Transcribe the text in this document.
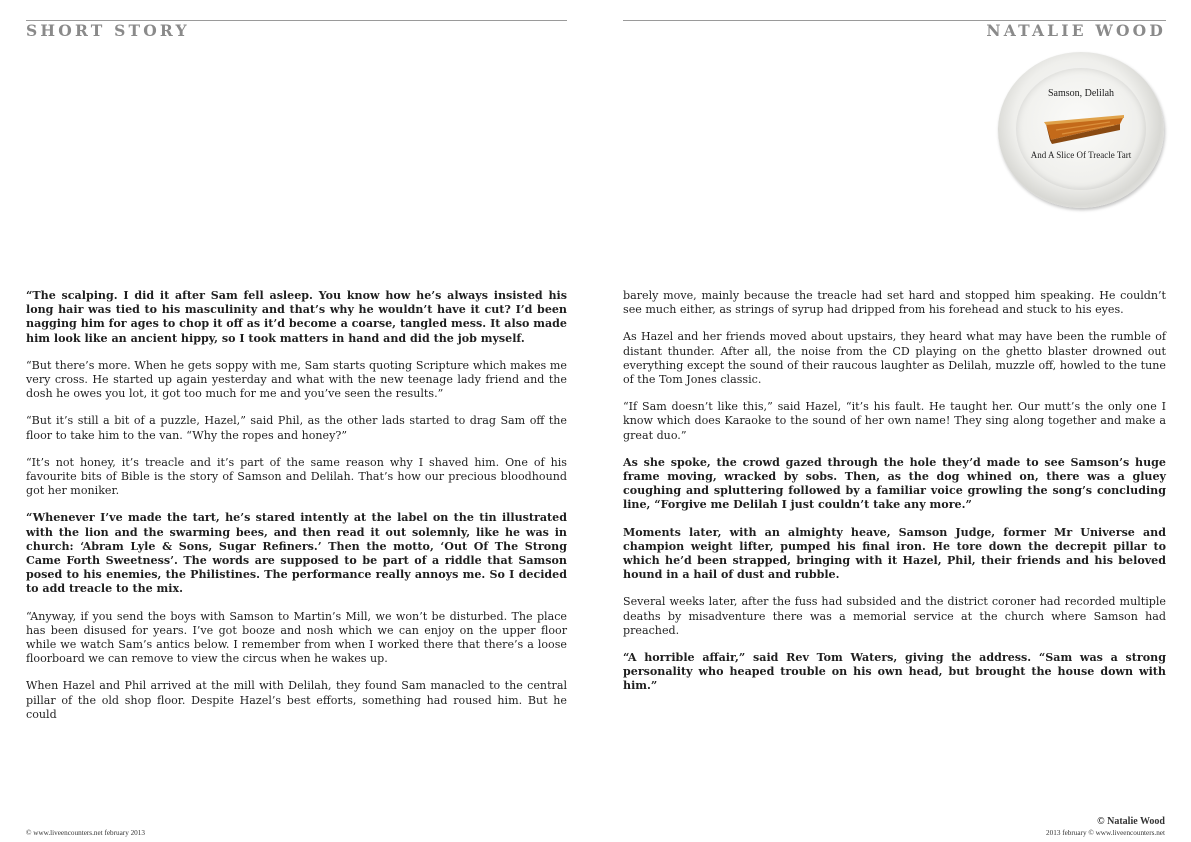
SHORT STORY	NATALIE WOOD
Samson, Delilah
And A Slice Of Treacle Tart

“The scalping. I did it after Sam fell asleep. You know how he’s always insisted his long hair was tied to his masculinity and that’s why he wouldn’t have it cut? I’d been nagging him for ages to chop it off as it’d become a coarse, tangled mess. It also made him look like an ancient hippy, so I took matters in hand and did the job myself.

“But there’s more. When he gets soppy with me, Sam starts quoting Scripture which makes me very cross. He started up again yesterday and what with the new teenage lady friend and the dosh he owes you lot, it got too much for me and you’ve seen the results.”

“But it’s still a bit of a puzzle, Hazel,” said Phil, as the other lads started to drag Sam off the floor to take him to the van. “Why the ropes and honey?”

“It’s not honey, it’s treacle and it’s part of the same reason why I shaved him. One of his favourite bits of Bible is the story of Samson and Delilah. That’s how our precious bloodhound got her moniker.

“Whenever I’ve made the tart, he’s stared intently at the label on the tin illustrated with the lion and the swarming bees, and then read it out solemnly, like he was in church: ‘Abram Lyle & Sons, Sugar Refiners.’ Then the motto, ‘Out Of The Strong Came Forth Sweetness’. The words are supposed to be part of a riddle that Samson posed to his enemies, the Philistines. The performance really annoys me. So I decided to add treacle to the mix.

“Anyway, if you send the boys with Samson to Martin’s Mill, we won’t be disturbed. The place has been disused for years. I’ve got booze and nosh which we can enjoy on the upper floor while we watch Sam’s antics below. I remember from when I worked there that there’s a loose floorboard we can remove to view the circus when he wakes up.

When Hazel and Phil arrived at the mill with Delilah, they found Sam manacled to the central pillar of the old shop floor. Despite Hazel’s best efforts, something had roused him. But he could

barely move, mainly because the treacle had set hard and stopped him speaking. He couldn’t see much either, as strings of syrup had dripped from his forehead and stuck to his eyes.

As Hazel and her friends moved about upstairs, they heard what may have been the rumble of distant thunder. After all, the noise from the CD playing on the ghetto blaster drowned out everything except the sound of their raucous laughter as Delilah, muzzle off, howled to the tune of the Tom Jones classic.

“If Sam doesn’t like this,” said Hazel, “it’s his fault. He taught her. Our mutt’s the only one I know which does Karaoke to the sound of her own name! They sing along together and make a great duo.”

As she spoke, the crowd gazed through the hole they’d made to see Samson’s huge frame moving, wracked by sobs. Then, as the dog whined on, there was a gluey coughing and spluttering followed by a familiar voice growling the song’s concluding line, “Forgive me Delilah I just couldn’t take any more.”

Moments later, with an almighty heave, Samson Judge, former Mr Universe and champion weight lifter, pumped his final iron. He tore down the decrepit pillar to which he’d been strapped, bringing with it Hazel, Phil, their friends and his beloved hound in a hail of dust and rubble.

Several weeks later, after the fuss had subsided and the district coroner had recorded multiple deaths by misadventure there was a memorial service at the church where Samson had preached.

“A horrible affair,” said Rev Tom Waters, giving the address. “Sam was a strong personality who heaped trouble on his own head, but brought the house down with him.”

© www.liveencounters.net february 2013
© Natalie Wood
2013 february © www.liveencounters.net
